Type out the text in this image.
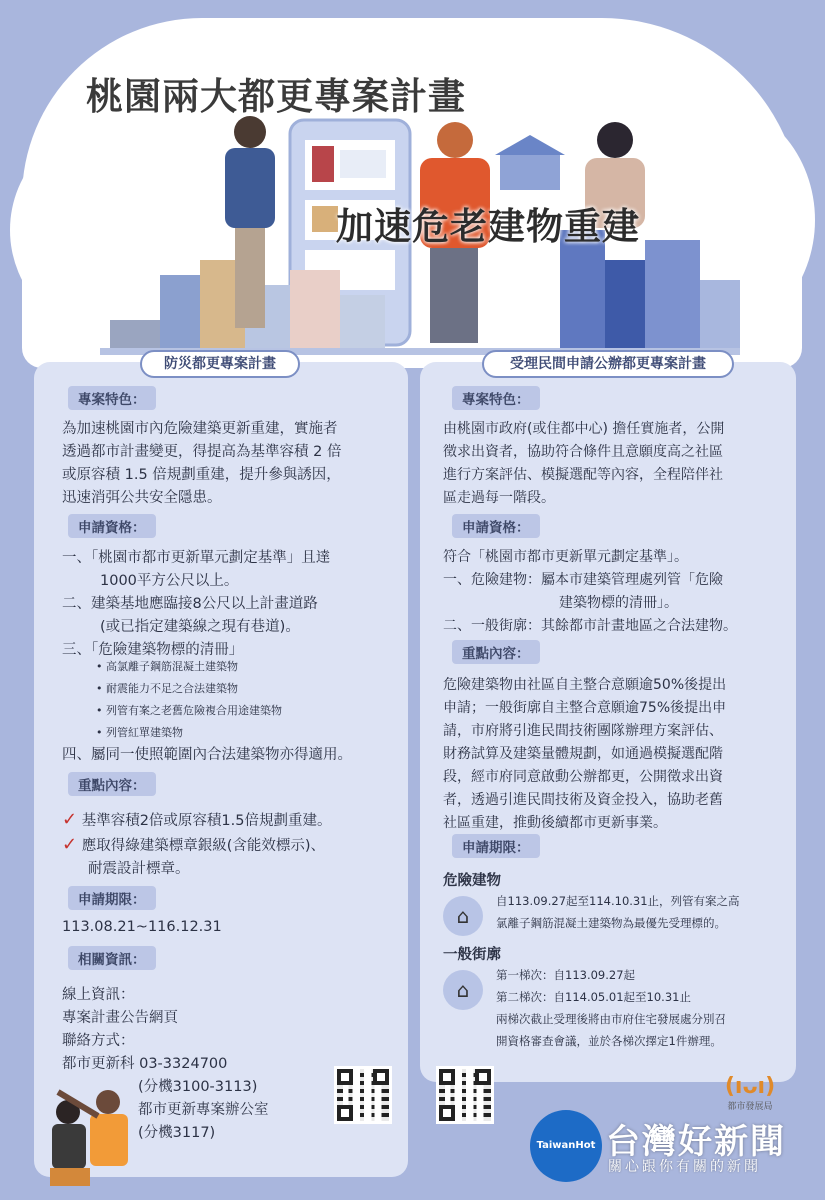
桃園兩大都更專案計畫
加速危老建物重建
防災都更專案計畫
專案特色：
為加速桃園市內危險建築更新重建，實施者
透過都市計畫變更，得提高為基準容積 2 倍
或原容積 1.5 倍規劃重建，提升參與誘因，
迅速消弭公共安全隱患。
申請資格：
一、「桃園市都市更新單元劃定基準」且達
1000平方公尺以上。
二、建築基地應臨接8公尺以上計畫道路
(或已指定建築線之現有巷道)。
三、「危險建築物標的清冊」
• 高氯離子鋼筋混凝土建築物
• 耐震能力不足之合法建築物
• 列管有案之老舊危險複合用途建築物
• 列管紅單建築物
四、屬同一使照範圍內合法建築物亦得適用。
重點內容：
✓ 基準容積2倍或原容積1.5倍規劃重建。
✓ 應取得綠建築標章銀級(含能效標示)、
耐震設計標章。
申請期限：
113.08.21~116.12.31
相關資訊：
線上資訊：
專案計畫公告網頁
聯絡方式：
都市更新科 03-3324700
(分機3100-3113)
都市更新專案辦公室
(分機3117)
受理民間申請公辦都更專案計畫
專案特色：
由桃園市政府(或住都中心) 擔任實施者，公開
徵求出資者，協助符合條件且意願度高之社區
進行方案評估、模擬選配等內容，全程陪伴社
區走過每一階段。
申請資格：
符合「桃園市都市更新單元劃定基準」。
一、危險建物：屬本市建築管理處列管「危險
建築物標的清冊」。
二、一般街廓：其餘都市計畫地區之合法建物。
重點內容：
危險建築物由社區自主整合意願逾50%後提出
申請；一般街廓自主整合意願逾75%後提出申
請，市府將引進民間技術團隊辦理方案評估、
財務試算及建築量體規劃，如通過模擬選配階
段，經市府同意啟動公辦都更，公開徵求出資
者，透過引進民間技術及資金投入，協助老舊
社區重建，推動後續都市更新事業。
申請期限：
危險建物
⌂
自113.09.27起至114.10.31止，列管有案之高
氯離子鋼筋混凝土建築物為最優先受理標的。
一般街廓
⌂
第一梯次：自113.09.27起
第二梯次：自114.05.01起至10.31止
兩梯次截止受理後將由市府住宅發展處分別召
開資格審查會議，並於各梯次擇定1件辦理。
(ıᴗı)
都市發展局
TaiwanHot 台灣好新聞
關心跟你有關的新聞
